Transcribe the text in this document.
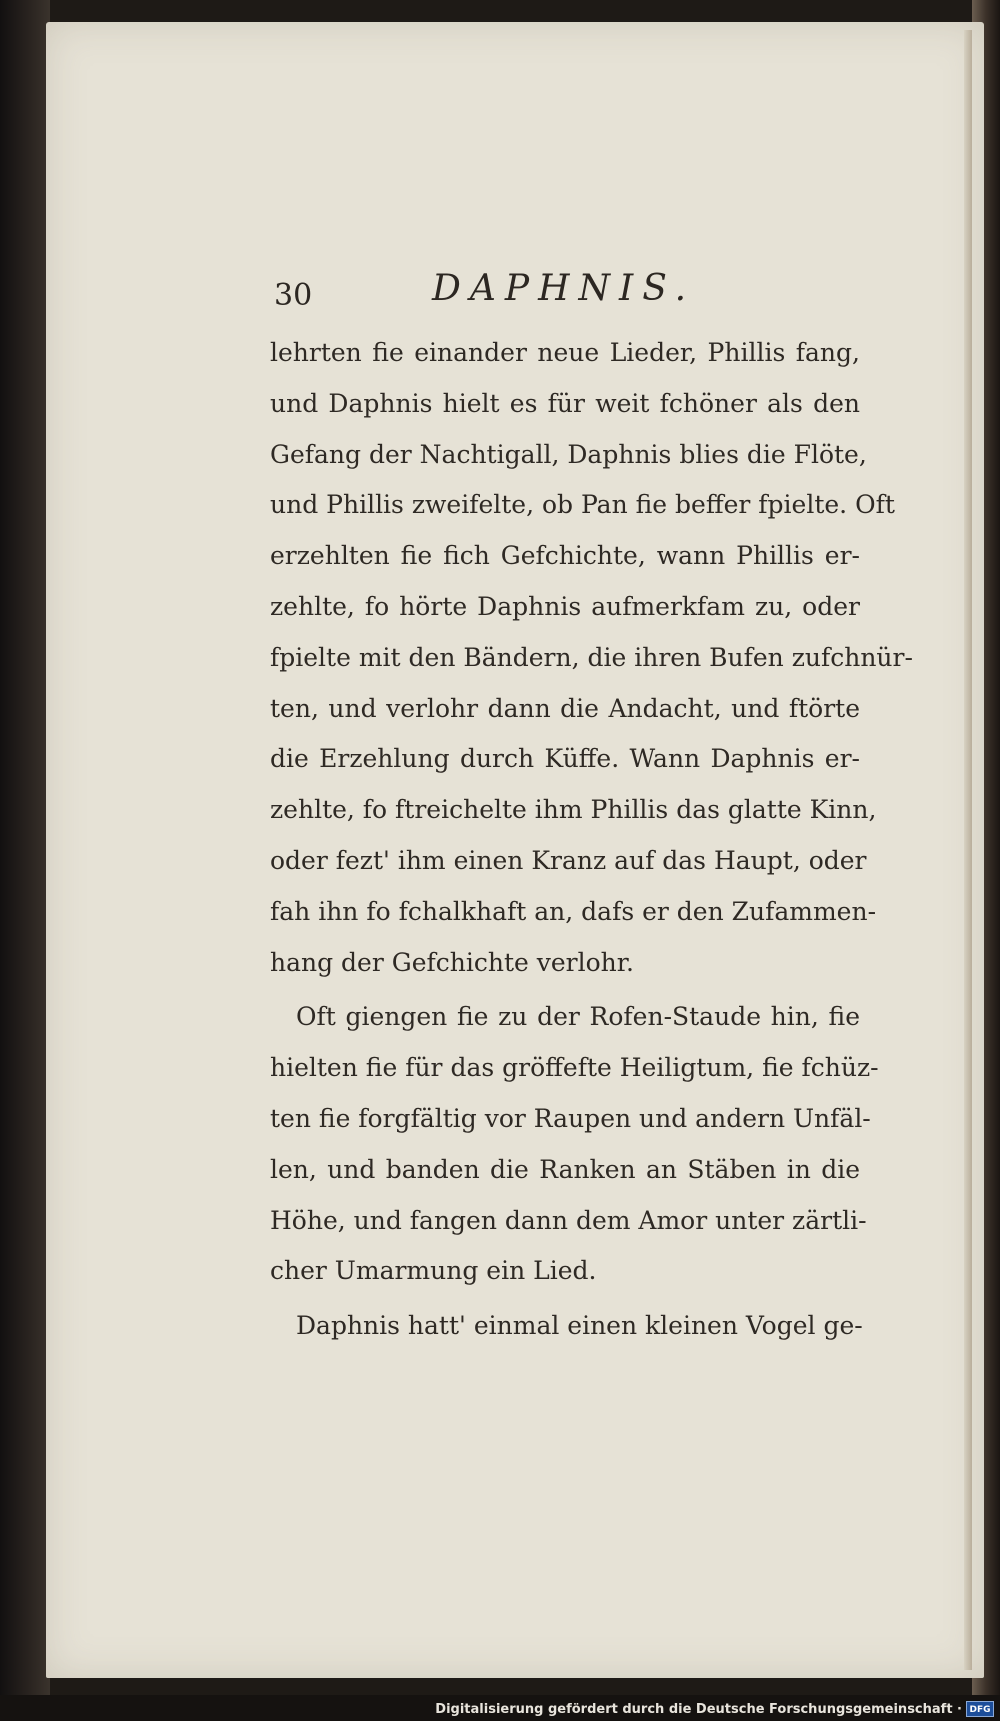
30	DAPHNIS.
lehrten fie einander neue Lieder, Phillis fang,
und Daphnis hielt es für weit fchöner als den
Gefang der Nachtigall, Daphnis blies die Flöte,
und Phillis zweifelte, ob Pan fie beffer fpielte. Oft
erzehlten fie fich Gefchichte, wann Phillis er-
zehlte, fo hörte Daphnis aufmerkfam zu, oder
fpielte mit den Bändern, die ihren Bufen zufchnür-
ten, und verlohr dann die Andacht, und ftörte
die Erzehlung durch Küffe. Wann Daphnis er-
zehlte, fo ftreichelte ihm Phillis das glatte Kinn,
oder fezt' ihm einen Kranz auf das Haupt, oder
fah ihn fo fchalkhaft an, dafs er den Zufammen-
hang der Gefchichte verlohr.
Oft giengen fie zu der Rofen-Staude hin, fie
hielten fie für das gröffefte Heiligtum, fie fchüz-
ten fie forgfältig vor Raupen und andern Unfäl-
len, und banden die Ranken an Stäben in die
Höhe, und fangen dann dem Amor unter zärtli-
cher Umarmung ein Lied.
Daphnis hatt' einmal einen kleinen Vogel ge-
Digitalisierung gefördert durch die Deutsche Forschungsgemeinschaft · DFG
